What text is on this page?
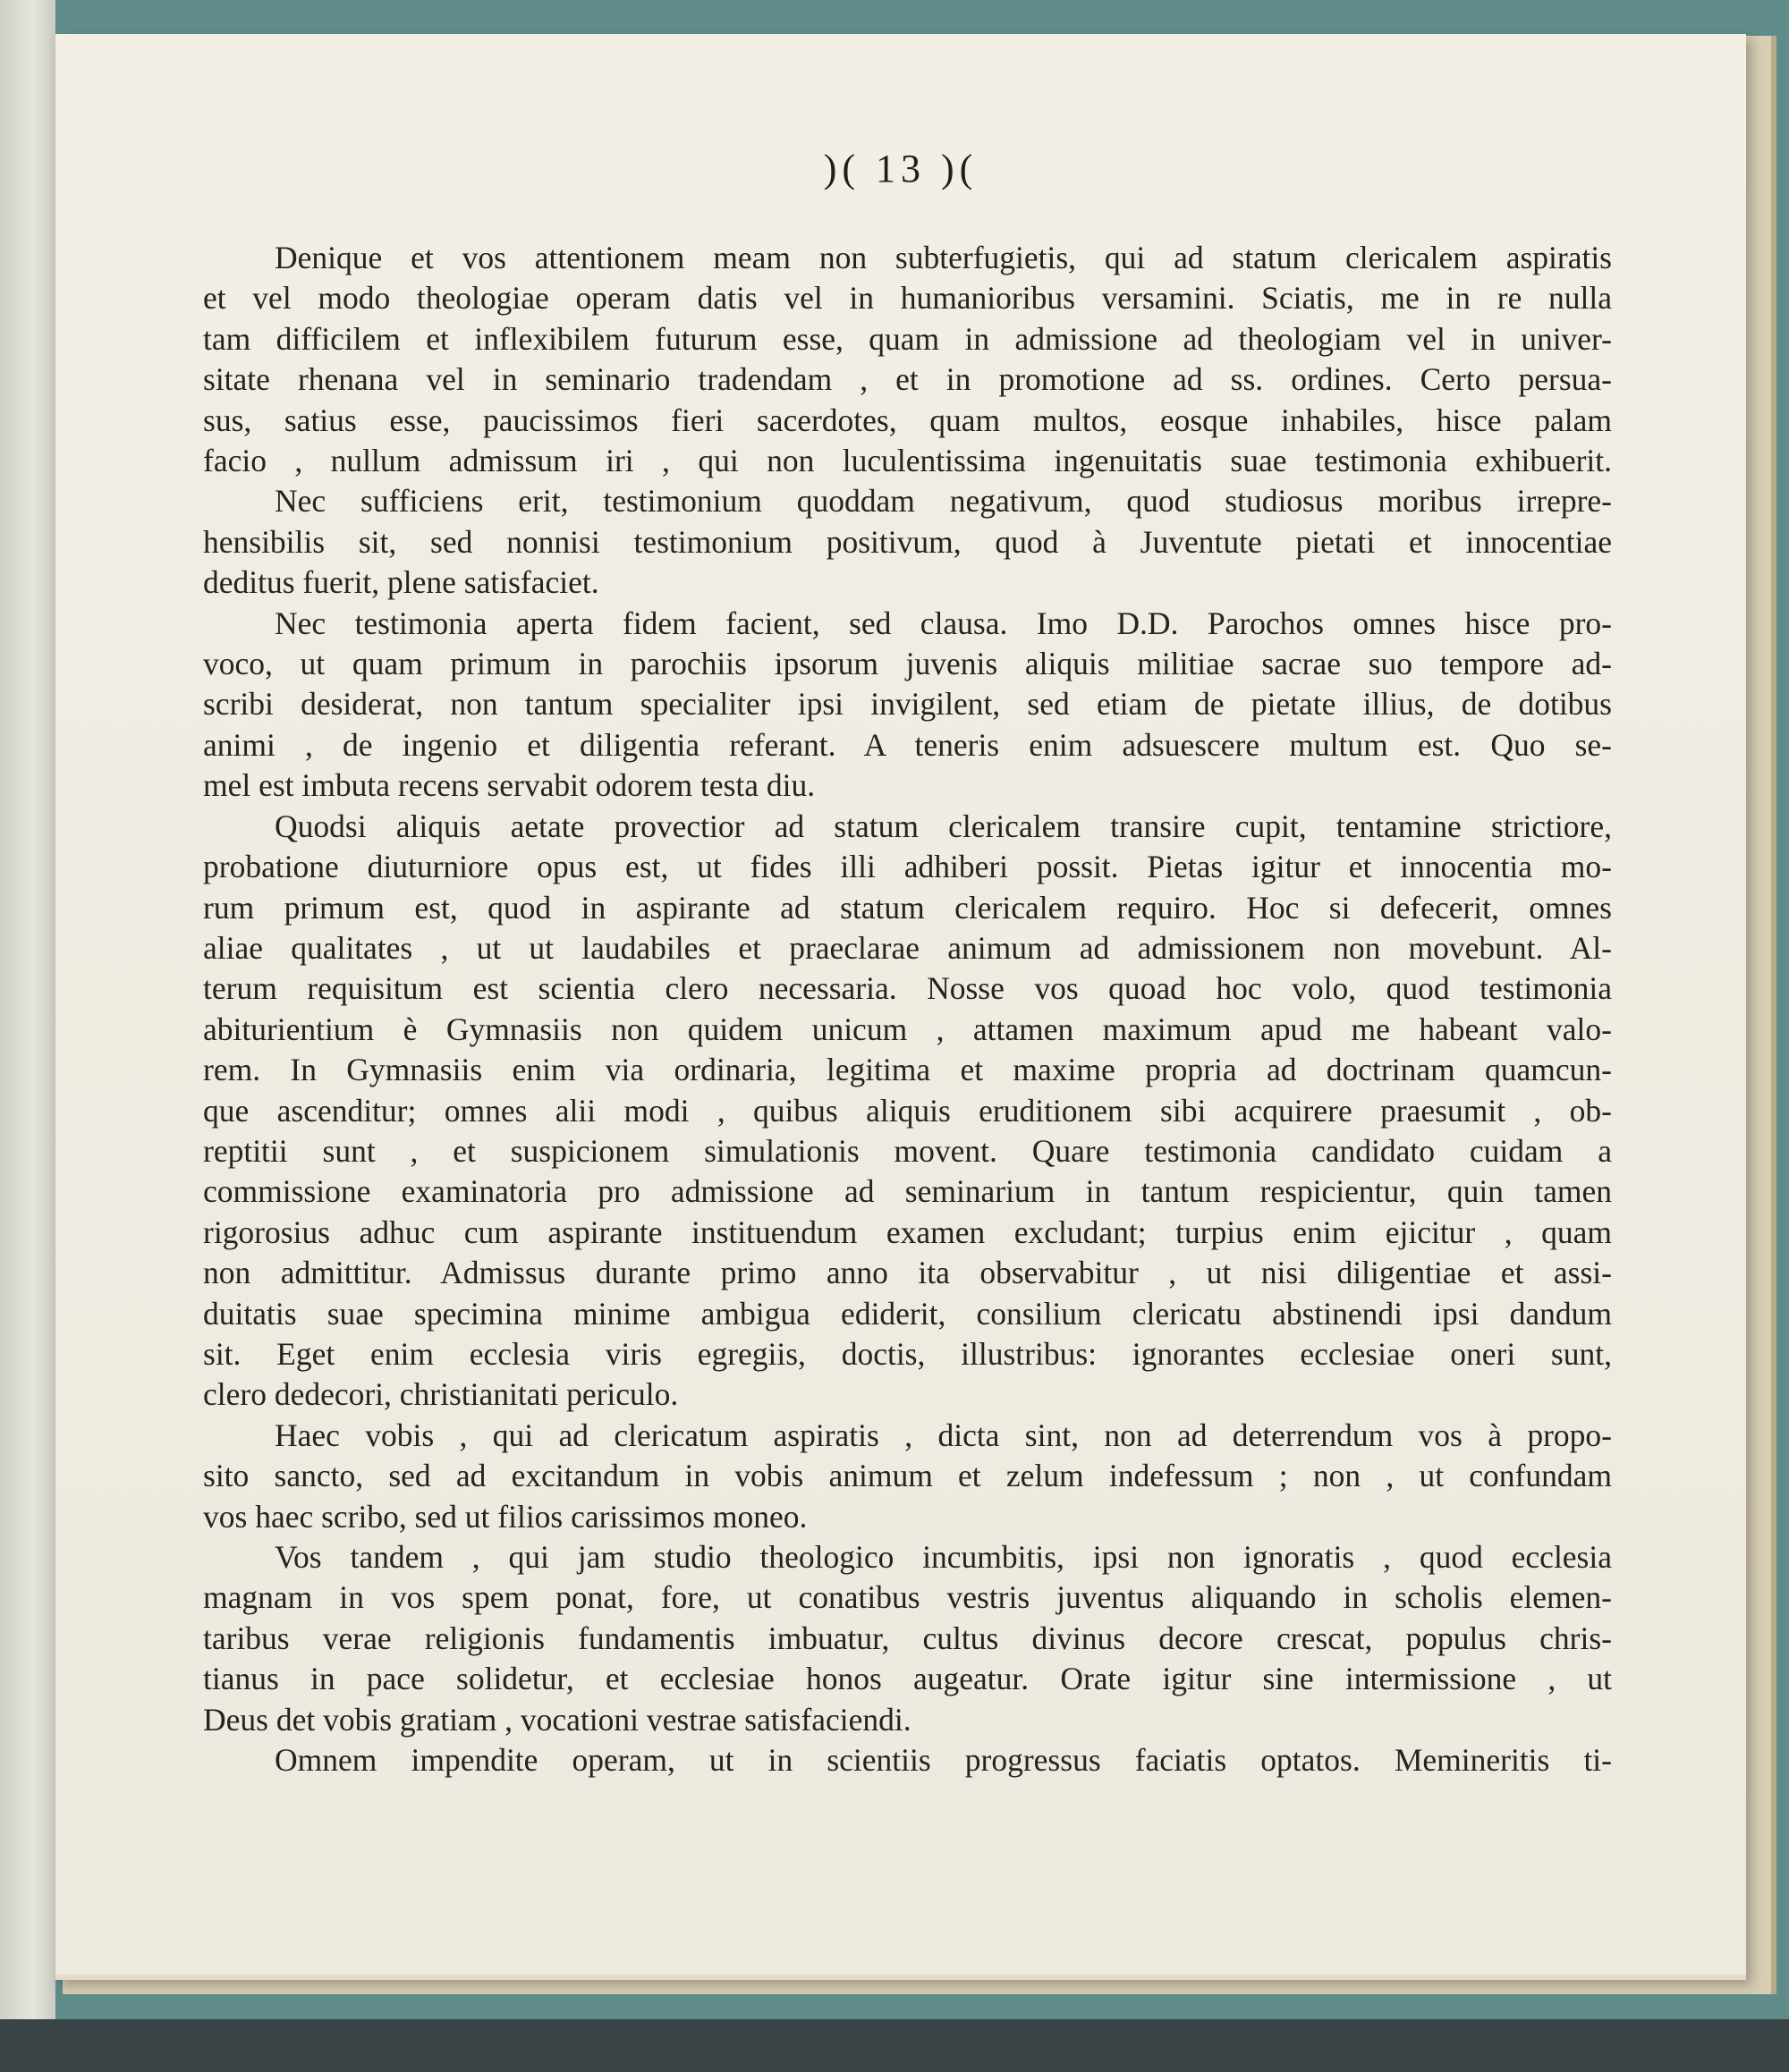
)( 13 )(
Denique et vos attentionem meam non subterfugietis, qui ad statum clericalem aspiratis
et vel modo theologiae operam datis vel in humanioribus versamini. Sciatis, me in re nulla
tam difficilem et inflexibilem futurum esse, quam in admissione ad theologiam vel in univer-
sitate rhenana vel in seminario tradendam , et in promotione ad ss. ordines. Certo persua-
sus, satius esse, paucissimos fieri sacerdotes, quam multos, eosque inhabiles, hisce palam
facio , nullum admissum iri , qui non luculentissima ingenuitatis suae testimonia exhibuerit.
Nec sufficiens erit, testimonium quoddam negativum, quod studiosus moribus irrepre-
hensibilis sit, sed nonnisi testimonium positivum, quod à Juventute pietati et innocentiae
deditus fuerit, plene satisfaciet.
Nec testimonia aperta fidem facient, sed clausa. Imo D.D. Parochos omnes hisce pro-
voco, ut quam primum in parochiis ipsorum juvenis aliquis militiae sacrae suo tempore ad-
scribi desiderat, non tantum specialiter ipsi invigilent, sed etiam de pietate illius, de dotibus
animi , de ingenio et diligentia referant. A teneris enim adsuescere multum est. Quo se-
mel est imbuta recens servabit odorem testa diu.
Quodsi aliquis aetate provectior ad statum clericalem transire cupit, tentamine strictiore,
probatione diuturniore opus est, ut fides illi adhiberi possit. Pietas igitur et innocentia mo-
rum primum est, quod in aspirante ad statum clericalem requiro. Hoc si defecerit, omnes
aliae qualitates , ut ut laudabiles et praeclarae animum ad admissionem non movebunt. Al-
terum requisitum est scientia clero necessaria. Nosse vos quoad hoc volo, quod testimonia
abiturientium è Gymnasiis non quidem unicum , attamen maximum apud me habeant valo-
rem. In Gymnasiis enim via ordinaria, legitima et maxime propria ad doctrinam quamcun-
que ascenditur; omnes alii modi , quibus aliquis eruditionem sibi acquirere praesumit , ob-
reptitii sunt , et suspicionem simulationis movent. Quare testimonia candidato cuidam a
commissione examinatoria pro admissione ad seminarium in tantum respicientur, quin tamen
rigorosius adhuc cum aspirante instituendum examen excludant; turpius enim ejicitur , quam
non admittitur. Admissus durante primo anno ita observabitur , ut nisi diligentiae et assi-
duitatis suae specimina minime ambigua ediderit, consilium clericatu abstinendi ipsi dandum
sit. Eget enim ecclesia viris egregiis, doctis, illustribus: ignorantes ecclesiae oneri sunt,
clero dedecori, christianitati periculo.
Haec vobis , qui ad clericatum aspiratis , dicta sint, non ad deterrendum vos à propo-
sito sancto, sed ad excitandum in vobis animum et zelum indefessum ; non , ut confundam
vos haec scribo, sed ut filios carissimos moneo.
Vos tandem , qui jam studio theologico incumbitis, ipsi non ignoratis , quod ecclesia
magnam in vos spem ponat, fore, ut conatibus vestris juventus aliquando in scholis elemen-
taribus verae religionis fundamentis imbuatur, cultus divinus decore crescat, populus chris-
tianus in pace solidetur, et ecclesiae honos augeatur. Orate igitur sine intermissione , ut
Deus det vobis gratiam , vocationi vestrae satisfaciendi.
Omnem impendite operam, ut in scientiis progressus faciatis optatos. Memineritis ti-
